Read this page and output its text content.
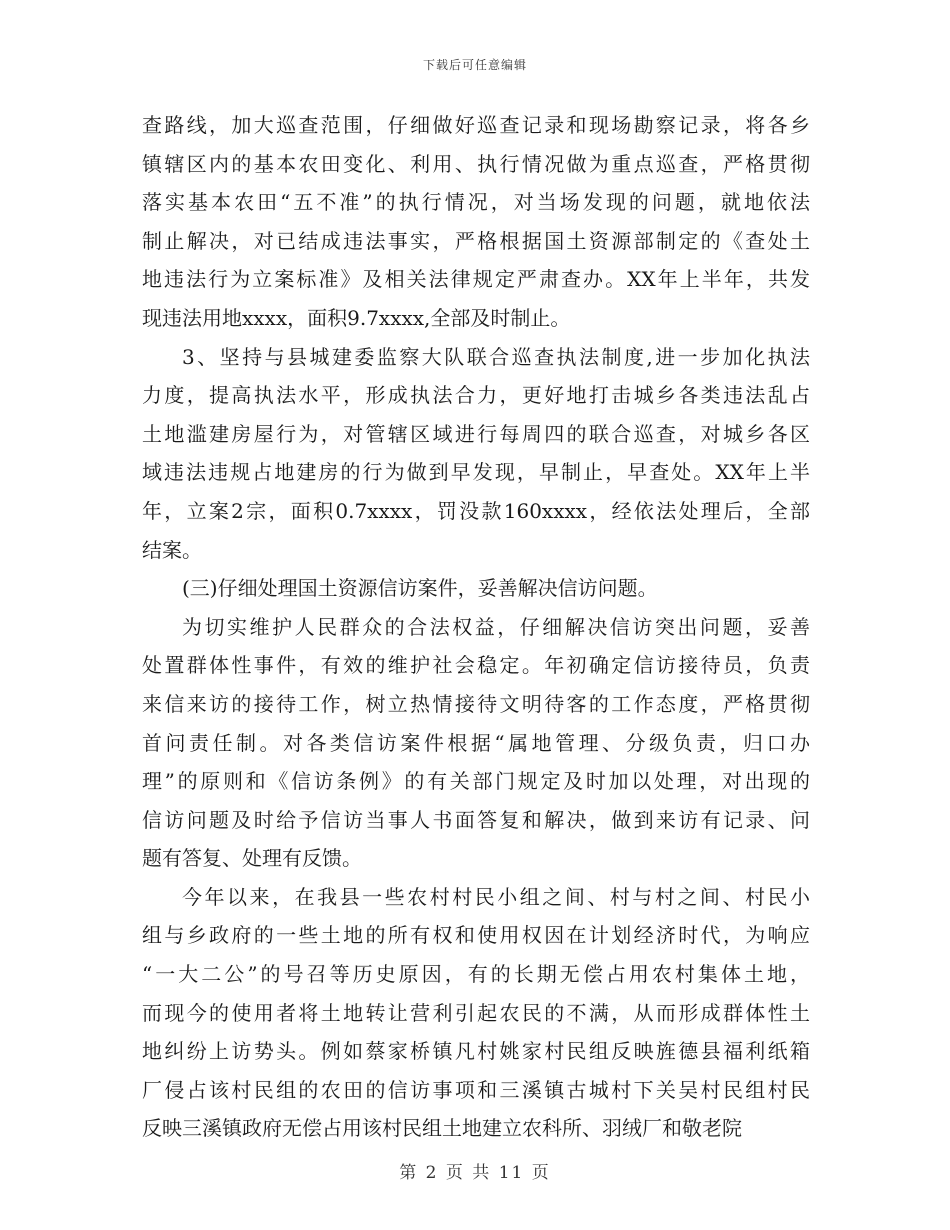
下载后可任意编辑
查路线，加大巡查范围，仔细做好巡查记录和现场勘察记录，将各乡
镇辖区内的基本农田变化、利用、执行情况做为重点巡查，严格贯彻
落实基本农田“五不准”的执行情况，对当场发现的问题，就地依法
制止解决，对已结成违法事实，严格根据国土资源部制定的《查处土
地违法行为立案标准》及相关法律规定严肃查办。XX年上半年，共发
现违法用地xxxx，面积9.7xxxx,全部及时制止。
3、坚持与县城建委监察大队联合巡查执法制度,进一步加化执法
力度，提高执法水平，形成执法合力，更好地打击城乡各类违法乱占
土地滥建房屋行为，对管辖区域进行每周四的联合巡查，对城乡各区
域违法违规占地建房的行为做到早发现，早制止，早查处。XX年上半
年，立案2宗，面积0.7xxxx，罚没款160xxxx，经依法处理后，全部
结案。
(三)仔细处理国土资源信访案件，妥善解决信访问题。
为切实维护人民群众的合法权益，仔细解决信访突出问题，妥善
处置群体性事件，有效的维护社会稳定。年初确定信访接待员，负责
来信来访的接待工作，树立热情接待文明待客的工作态度，严格贯彻
首问责任制。对各类信访案件根据“属地管理、分级负责，归口办
理”的原则和《信访条例》的有关部门规定及时加以处理，对出现的
信访问题及时给予信访当事人书面答复和解决，做到来访有记录、问
题有答复、处理有反馈。
今年以来，在我县一些农村村民小组之间、村与村之间、村民小
组与乡政府的一些土地的所有权和使用权因在计划经济时代，为响应
“一大二公”的号召等历史原因，有的长期无偿占用农村集体土地，
而现今的使用者将土地转让营利引起农民的不满，从而形成群体性土
地纠纷上访势头。例如蔡家桥镇凡村姚家村民组反映旌德县福利纸箱
厂侵占该村民组的农田的信访事项和三溪镇古城村下关吴村民组村民
反映三溪镇政府无偿占用该村民组土地建立农科所、羽绒厂和敬老院
第 2 页 共 11 页
